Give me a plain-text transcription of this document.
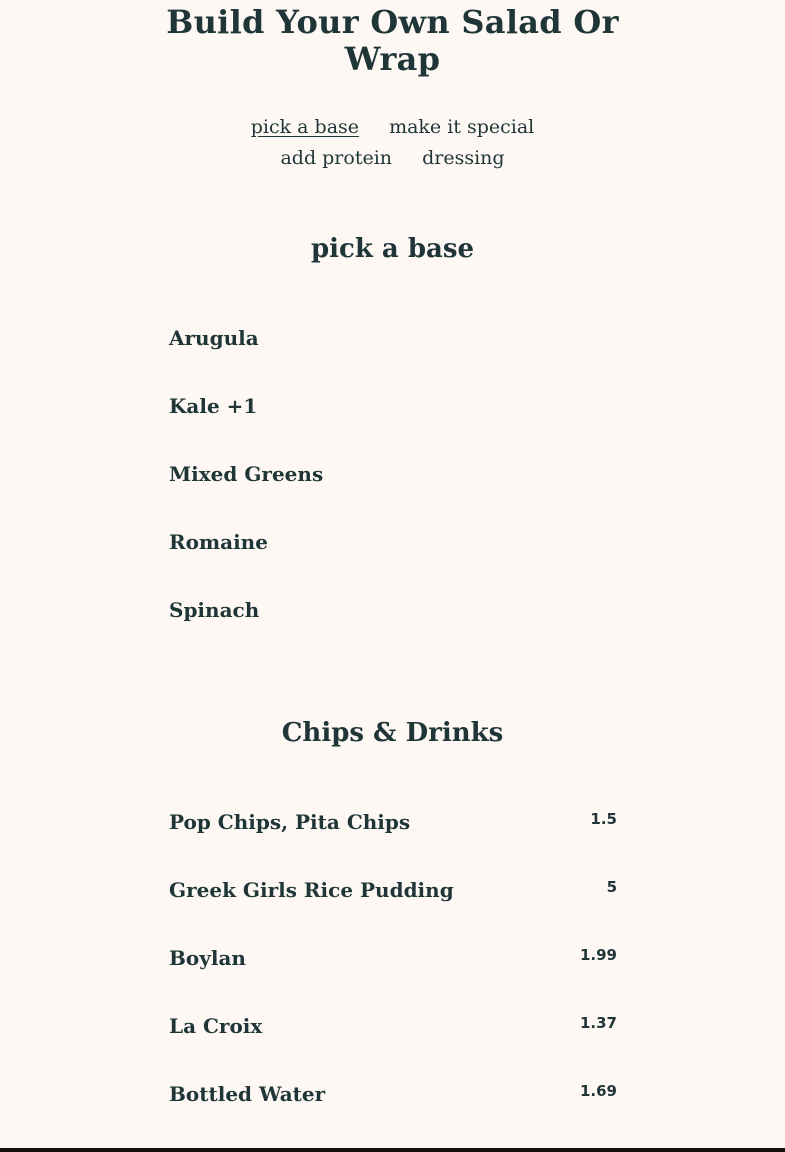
Build Your Own Salad Or
Wrap
pick a base make it special
add protein dressing
pick a base
Arugula
Kale +1
Mixed Greens
Romaine
Spinach
Chips & Drinks
Pop Chips, Pita Chips	1.5
Greek Girls Rice Pudding	5
Boylan	1.99
La Croix	1.37
Bottled Water	1.69
